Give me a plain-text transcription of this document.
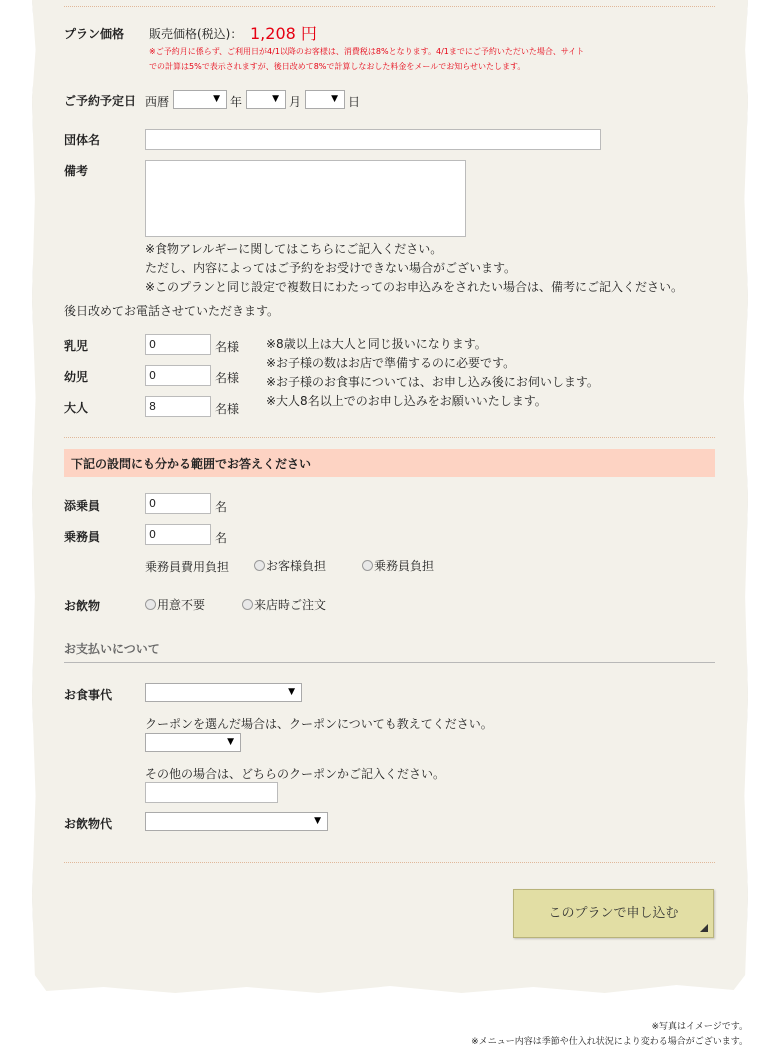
プラン価格 販売価格(税込)： 1,208 円
※ご予約月に係らず、ご利用日が4/1以降のお客様は、消費税は8%となります。4/1までにご予約いただいた場合、サイト
での計算は5%で表示されますが、後日改めて8%で計算しなおした料金をメールでお知らせいたします。
ご予約予定日 西暦	▼ 年	▼ 月	▼ 日
団体名
備考
※食物アレルギーに関してはこちらにご記入ください。
ただし、内容によってはご予約をお受けできない場合がございます。
※このプランと同じ設定で複数日にわたってのお申込みをされたい場合は、備考にご記入ください。
後日改めてお電話させていただきます。
乳児	0	名様
幼児	0	名様
大人	8	名様
※8歳以上は大人と同じ扱いになります。
※お子様の数はお店で準備するのに必要です。
※お子様のお食事については、お申し込み後にお伺いします。
※大人8名以上でのお申し込みをお願いいたします。
下記の設問にも分かる範囲でお答えください
添乗員	0	名
乗務員	0	名
乗務員費用負担	お客様負担	乗務員負担
お飲物	用意不要	来店時ご注文
お支払いについて
お食事代	▼
クーポンを選んだ場合は、クーポンについても教えてください。
▼
その他の場合は、どちらのクーポンかご記入ください。
お飲物代	▼
このプランで申し込む
※写真はイメージです。
※メニュー内容は季節や仕入れ状況により変わる場合がございます。
